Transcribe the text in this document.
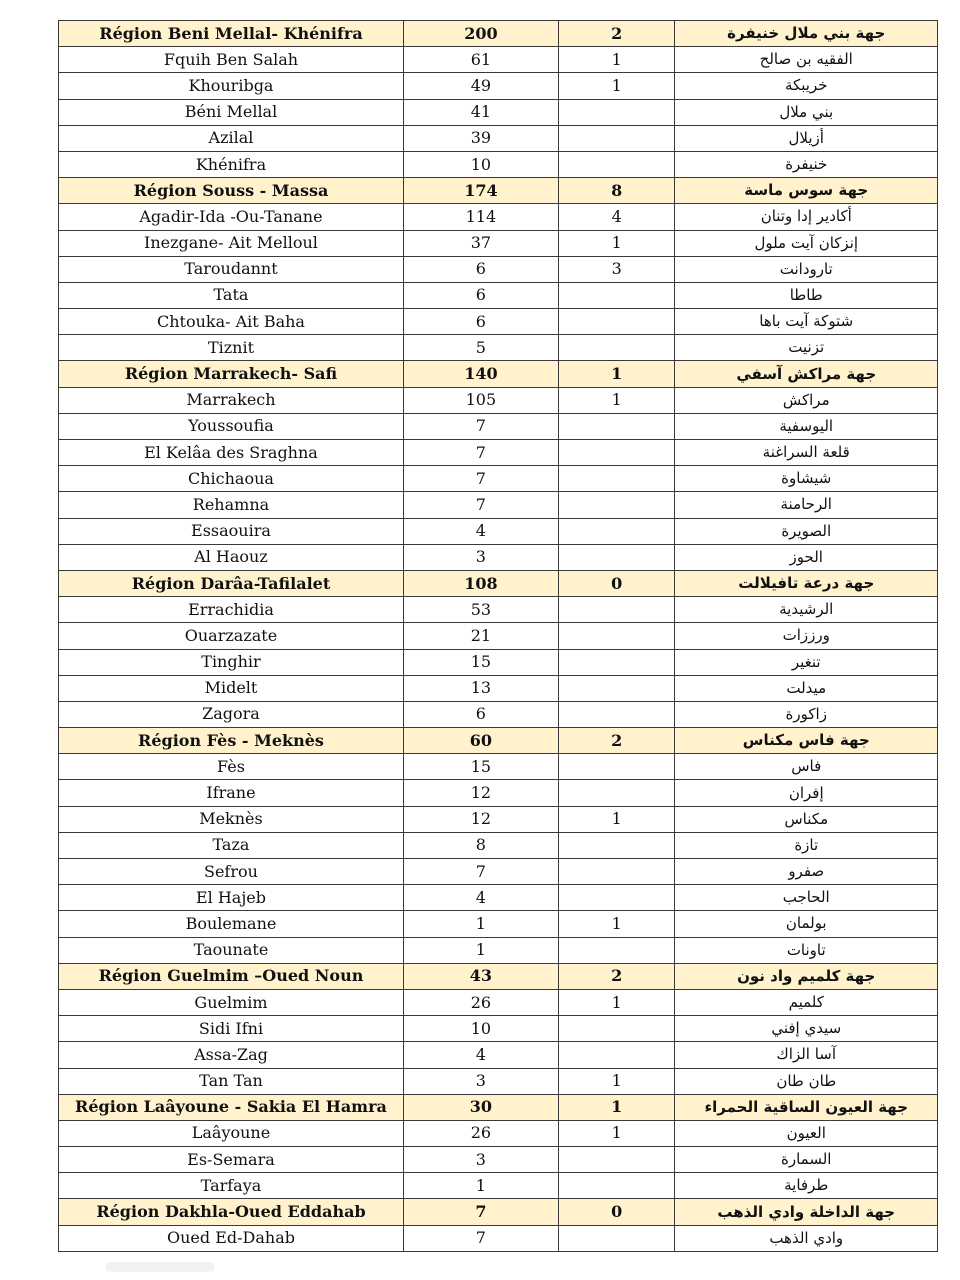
Région Beni Mellal- Khénifra	200	2	جهة بني ملال خنيفرة
Fquih Ben Salah	61	1	الفقيه بن صالح
Khouribga	49	1	خريبكة
Béni Mellal	41		بني ملال
Azilal	39		أزيلال
Khénifra	10		خنيفرة
Région Souss - Massa	174	8	جهة سوس ماسة
Agadir-Ida -Ou-Tanane	114	4	أكادير إدا وتنان
Inezgane- Ait Melloul	37	1	إنزكان آيت ملول
Taroudannt	6	3	تارودانت
Tata	6		طاطا
Chtouka- Ait Baha	6		شتوكة آيت باها
Tiznit	5		تزنيت
Région Marrakech- Safi	140	1	جهة مراكش آسفي
Marrakech	105	1	مراكش
Youssoufia	7		اليوسفية
El Kelâa des Sraghna	7		قلعة السراغنة
Chichaoua	7		شيشاوة
Rehamna	7		الرحامنة
Essaouira	4		الصويرة
Al Haouz	3		الحوز
Région Darâa-Tafilalet	108	0	جهة درعة تافيلالت
Errachidia	53		الرشيدية
Ouarzazate	21		ورززات
Tinghir	15		تنغير
Midelt	13		ميدلت
Zagora	6		زاكورة
Région Fès - Meknès	60	2	جهة فاس مكناس
Fès	15		فاس
Ifrane	12		إفران
Meknès	12	1	مكناس
Taza	8		تازة
Sefrou	7		صفرو
El Hajeb	4		الحاجب
Boulemane	1	1	بولمان
Taounate	1		تاونات
Région Guelmim –Oued Noun	43	2	جهة كلميم واد نون
Guelmim	26	1	كلميم
Sidi Ifni	10		سيدي إفني
Assa-Zag	4		آسا الزاك
Tan Tan	3	1	طان طان
Région Laâyoune - Sakia El Hamra	30	1	جهة العيون الساقية الحمراء
Laâyoune	26	1	العيون
Es-Semara	3		السمارة
Tarfaya	1		طرفاية
Région Dakhla-Oued Eddahab	7	0	جهة الداخلة وادي الذهب
Oued Ed-Dahab	7		وادي الذهب
